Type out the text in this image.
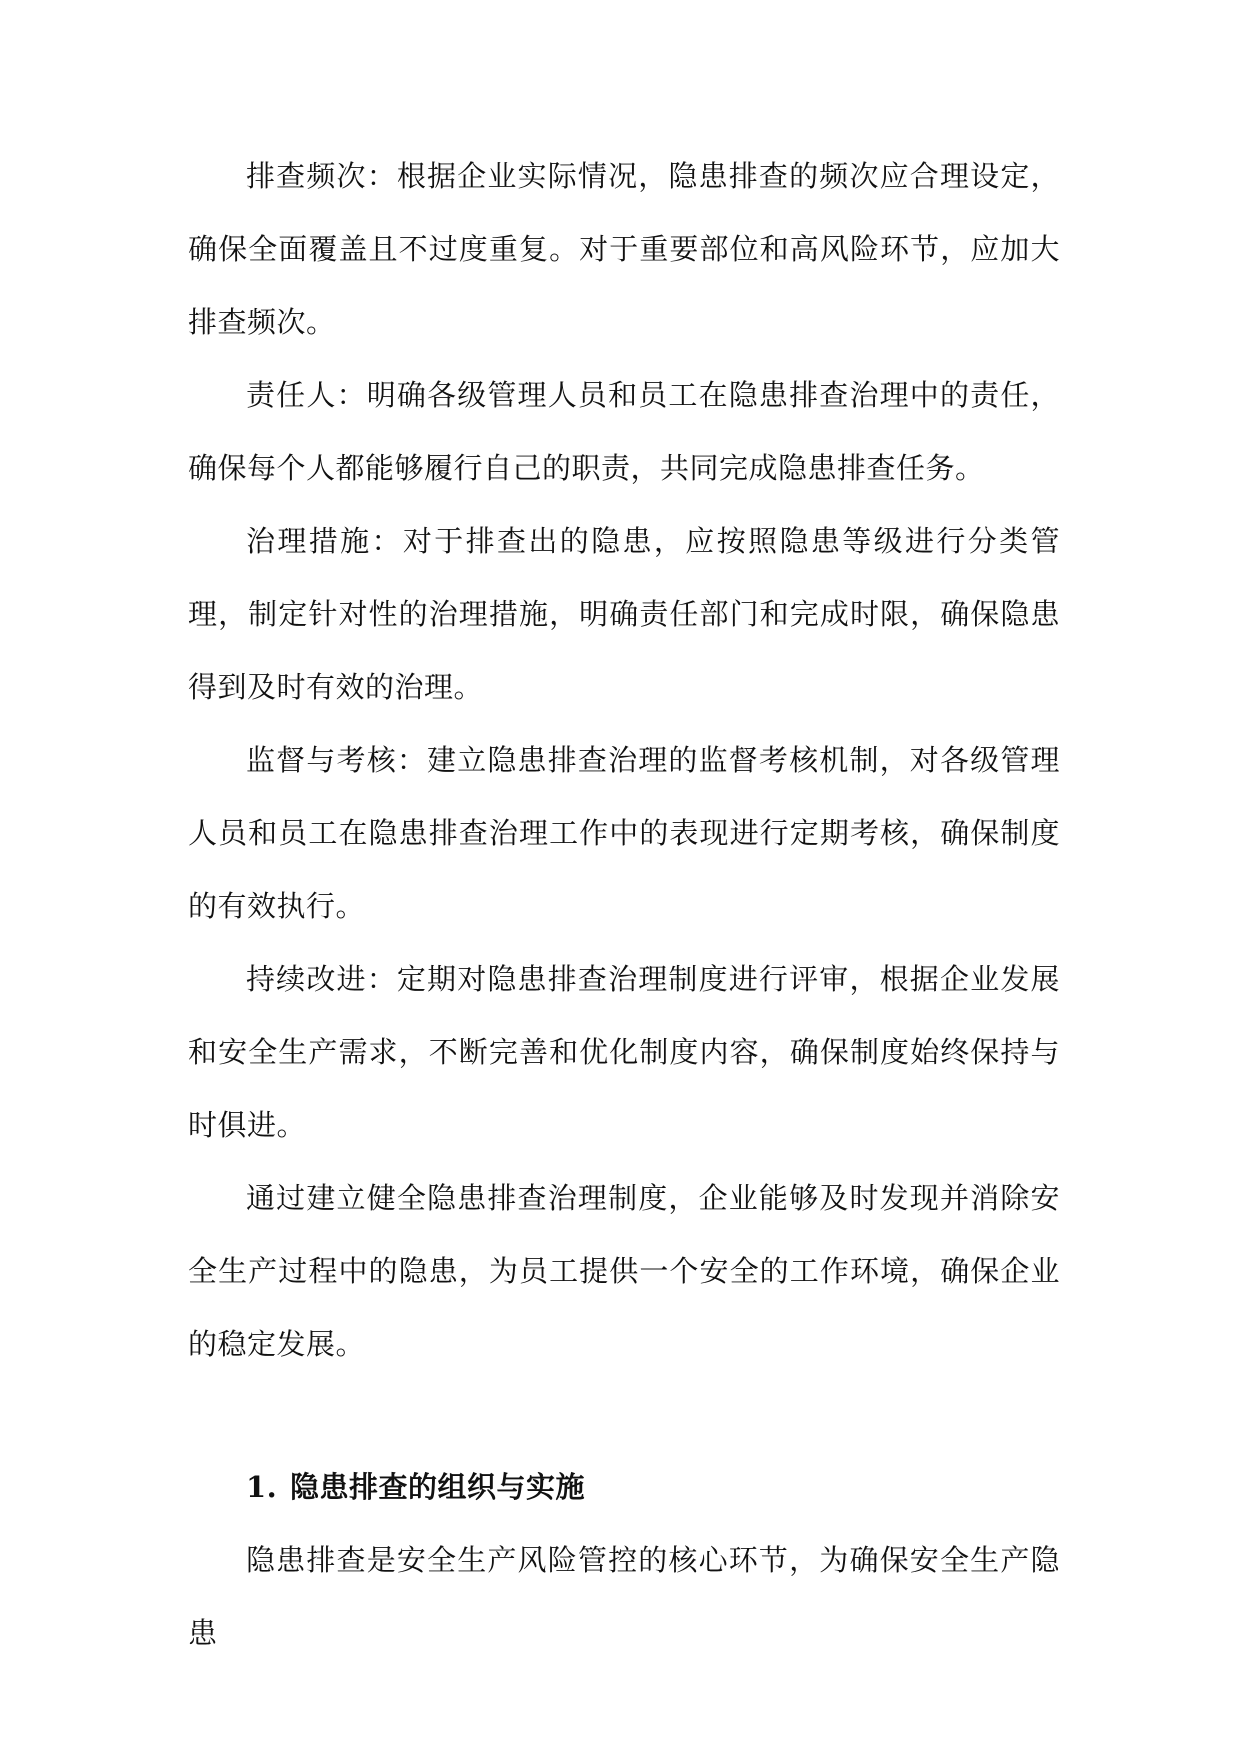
排查频次：根据企业实际情况，隐患排查的频次应合理设定，确保全面覆盖且不过度重复。对于重要部位和高风险环节，应加大排查频次。

责任人：明确各级管理人员和员工在隐患排查治理中的责任，确保每个人都能够履行自己的职责，共同完成隐患排查任务。

治理措施：对于排查出的隐患，应按照隐患等级进行分类管理，制定针对性的治理措施，明确责任部门和完成时限，确保隐患得到及时有效的治理。

监督与考核：建立隐患排查治理的监督考核机制，对各级管理人员和员工在隐患排查治理工作中的表现进行定期考核，确保制度的有效执行。

持续改进：定期对隐患排查治理制度进行评审，根据企业发展和安全生产需求，不断完善和优化制度内容，确保制度始终保持与时俱进。

通过建立健全隐患排查治理制度，企业能够及时发现并消除安全生产过程中的隐患，为员工提供一个安全的工作环境，确保企业的稳定发展。

1. 隐患排查的组织与实施

隐患排查是安全生产风险管控的核心环节，为确保安全生产隐患
